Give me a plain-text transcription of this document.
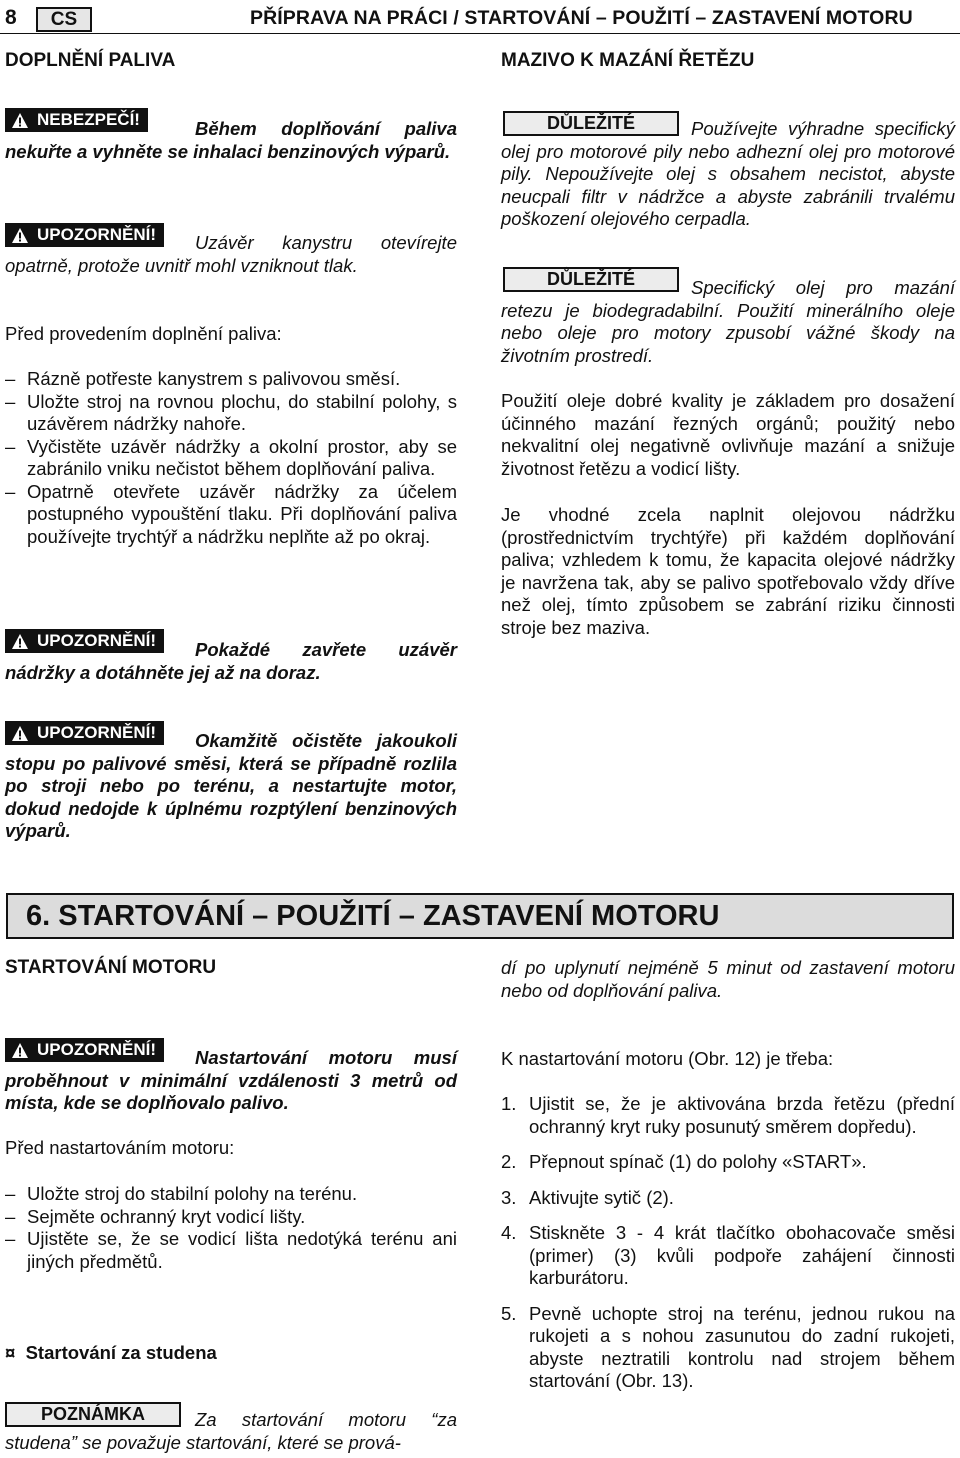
8	CS	PŘÍPRAVA NA PRÁCI / STARTOVÁNÍ – POUŽITÍ – ZASTAVENÍ MOTORU
DOPLNĚNÍ PALIVA
NEBEZPEČÍ!	Během doplňování paliva nekuřte a vyhněte se inhalaci benzinových výparů.
UPOZORNĚNÍ!	Uzávěr kanystru otevírejte opatrně, protože uvnitř mohl vzniknout tlak.
Před provedením doplnění paliva:
– Rázně potřeste kanystrem s palivovou směsí.
– Uložte stroj na rovnou plochu, do stabilní polohy, s uzávěrem nádržky nahoře.
– Vyčistěte uzávěr nádržky a okolní prostor, aby se zabránilo vniku nečistot během doplňování paliva.
– Opatrně otevřete uzávěr nádržky za účelem postupného vypouštění tlaku. Při doplňování paliva používejte trychtýř a nádržku neplňte až po okraj.
UPOZORNĚNÍ!	Pokaždé zavřete uzávěr nádržky a dotáhněte jej až na doraz.
UPOZORNĚNÍ!	Okamžitě očistěte jakoukoli stopu po palivové směsi, která se případně rozlila po stroji nebo po terénu, a nestartujte motor, dokud nedojde k úplnému rozptýlení benzinových výparů.
MAZIVO K MAZÁNÍ ŘETĚZU
DŮLEŽITÉ	Používejte výhradne specifický olej pro motorové pily nebo adhezní olej pro motorové pily. Nepoužívejte olej s obsahem necistot, abyste neucpali filtr v nádržce a abyste zabránili trvalému poškození olejového cerpadla.
DŮLEŽITÉ	Specifický olej pro mazání retezu je biodegradabilní. Použití minerálního oleje nebo oleje pro motory zpusobí vážné škody na životním prostredí.
Použití oleje dobré kvality je základem pro dosažení účinného mazání řezných orgánů; použitý nebo nekvalitní olej negativně ovlivňuje mazání a snižuje životnost řetězu a vodicí lišty.
Je vhodné zcela naplnit olejovou nádržku (prostřednictvím trychtýře) při každém doplňování paliva; vzhledem k tomu, že kapacita olejové nádržky je navržena tak, aby se palivo spotřebovalo vždy dříve než olej, tímto způsobem se zabrání riziku činnosti stroje bez maziva.
6. STARTOVÁNÍ – POUŽITÍ – ZASTAVENÍ MOTORU
STARTOVÁNÍ MOTORU
UPOZORNĚNÍ!	Nastartování motoru musí proběhnout v minimální vzdálenosti 3 metrů od místa, kde se doplňovalo palivo.
Před nastartováním motoru:
– Uložte stroj do stabilní polohy na terénu.
– Sejměte ochranný kryt vodicí lišty.
– Ujistěte se, že se vodicí lišta nedotýká terénu ani jiných předmětů.
¤ Startování za studena
POZNÁMKA	Za startování motoru “za studena” se považuje startování, které se prová-
dí po uplynutí nejméně 5 minut od zastavení motoru nebo od doplňování paliva.
K nastartování motoru (Obr. 12) je třeba:
1. Ujistit se, že je aktivována brzda řetězu (přední ochranný kryt ruky posunutý směrem dopředu).
2. Přepnout spínač (1) do polohy «START».
3. Aktivujte sytič (2).
4. Stiskněte 3 - 4 krát tlačítko obohacovače směsi (primer) (3) kvůli podpoře zahájení činnosti karburátoru.
5. Pevně uchopte stroj na terénu, jednou rukou na rukojeti a s nohou zasunutou do zadní rukojeti, abyste neztratili kontrolu nad strojem během startování (Obr. 13).
